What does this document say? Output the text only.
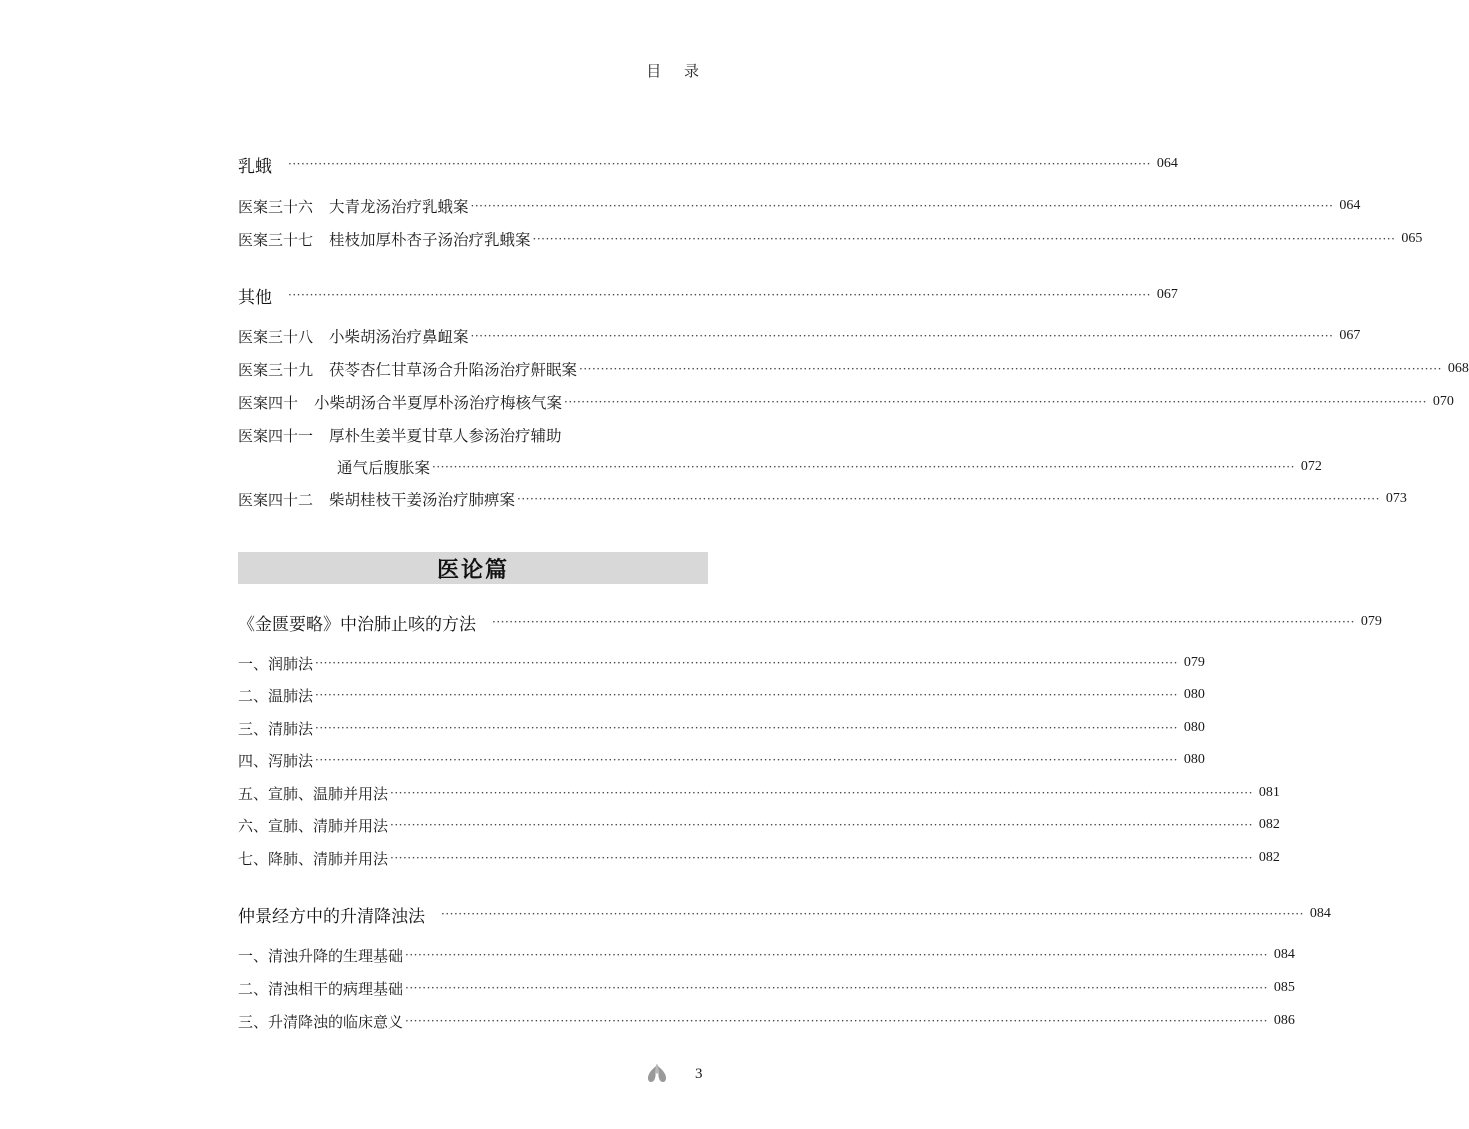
目 录
乳蛾 ········································································································································································································ 064
医案三十六 大青龙汤治疗乳蛾案 ········································································································································································································ 064
医案三十七 桂枝加厚朴杏子汤治疗乳蛾案 ········································································································································································································ 065
其他 ········································································································································································································ 067
医案三十八 小柴胡汤治疗鼻衄案 ········································································································································································································ 067
医案三十九 茯苓杏仁甘草汤合升陷汤治疗鼾眠案 ········································································································································································································ 068
医案四十 小柴胡汤合半夏厚朴汤治疗梅核气案 ········································································································································································································ 070
医案四十一 厚朴生姜半夏甘草人参汤治疗辅助
通气后腹胀案 ········································································································································································································ 072
医案四十二 柴胡桂枝干姜汤治疗肺痹案 ········································································································································································································ 073
医论篇
《金匮要略》中治肺止咳的方法 ········································································································································································································ 079
一、润肺法 ········································································································································································································ 079
二、温肺法 ········································································································································································································ 080
三、清肺法 ········································································································································································································ 080
四、泻肺法 ········································································································································································································ 080
五、宣肺、温肺并用法 ········································································································································································································ 081
六、宣肺、清肺并用法 ········································································································································································································ 082
七、降肺、清肺并用法 ········································································································································································································ 082
仲景经方中的升清降浊法 ········································································································································································································ 084
一、清浊升降的生理基础 ········································································································································································································ 084
二、清浊相干的病理基础 ········································································································································································································ 085
三、升清降浊的临床意义 ········································································································································································································ 086
3
